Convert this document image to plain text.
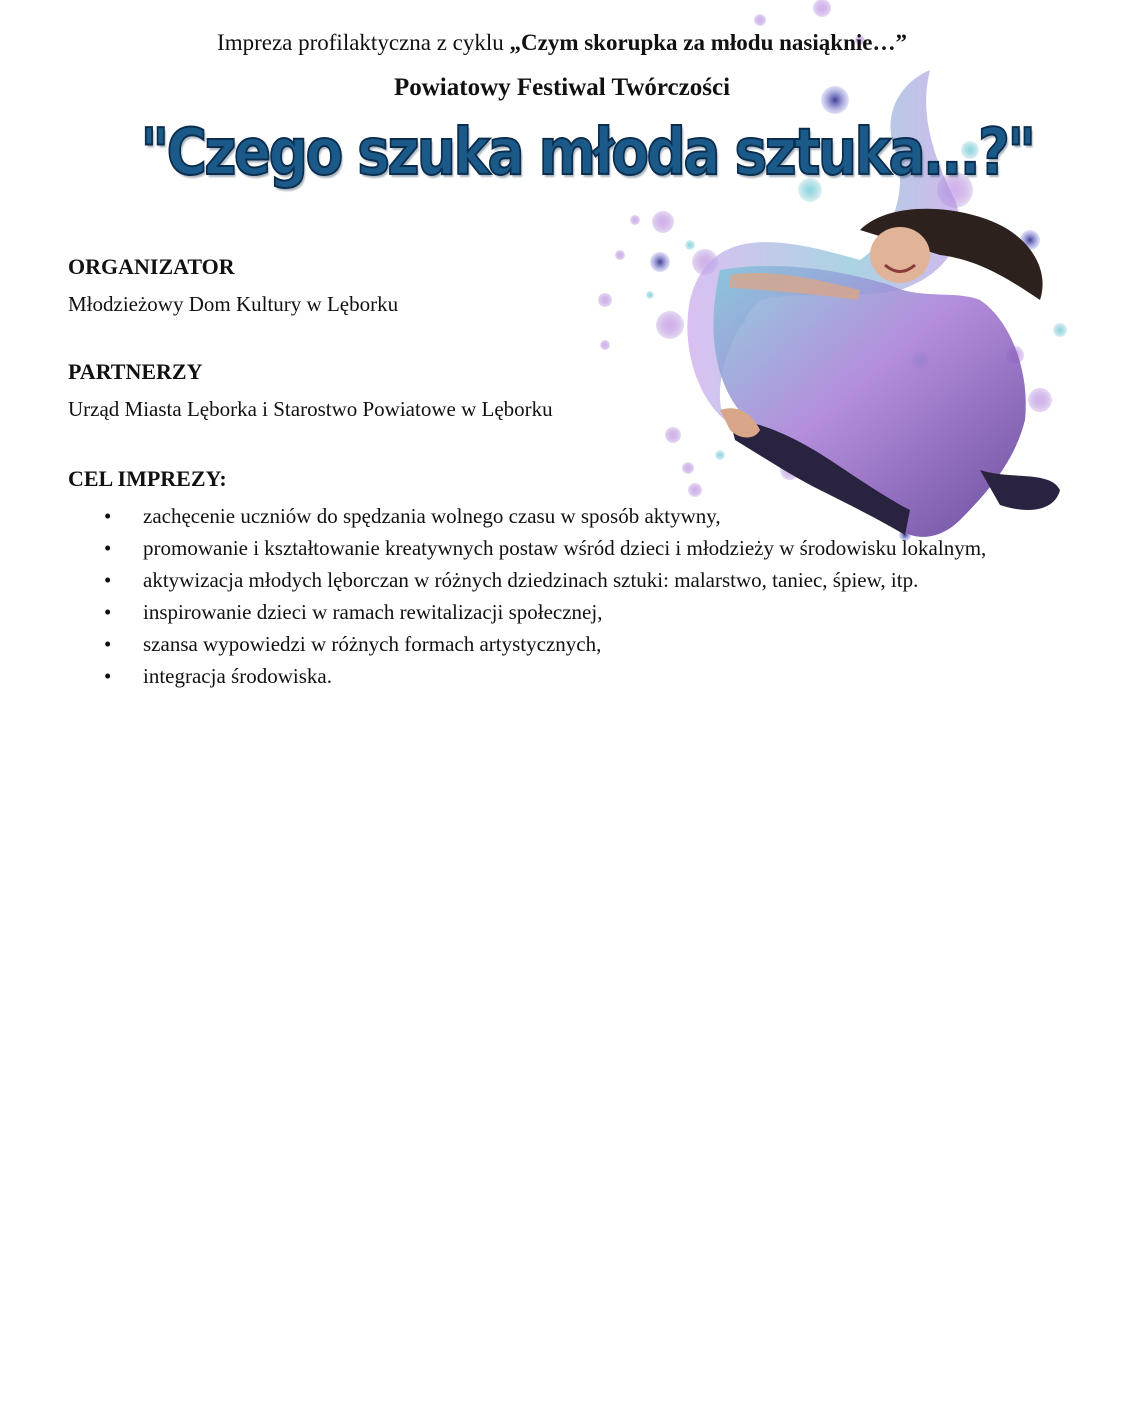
Impreza profilaktyczna z cyklu „Czym skorupka za młodu nasiąknie…”
Powiatowy Festiwal Twórczości
"Czego szuka młoda sztuka...?"
ORGANIZATOR
Młodzieżowy Dom Kultury w Lęborku
PARTNERZY
Urząd Miasta Lęborka i Starostwo Powiatowe w Lęborku
CEL IMPREZY:
• zachęcenie uczniów do spędzania wolnego czasu w sposób aktywny,
• promowanie i kształtowanie kreatywnych postaw wśród dzieci i młodzieży w środowisku lokalnym,
• aktywizacja młodych lęborczan w różnych dziedzinach sztuki: malarstwo, taniec, śpiew, itp.
• inspirowanie dzieci w ramach rewitalizacji społecznej,
• szansa wypowiedzi w różnych formach artystycznych,
• integracja środowiska.
